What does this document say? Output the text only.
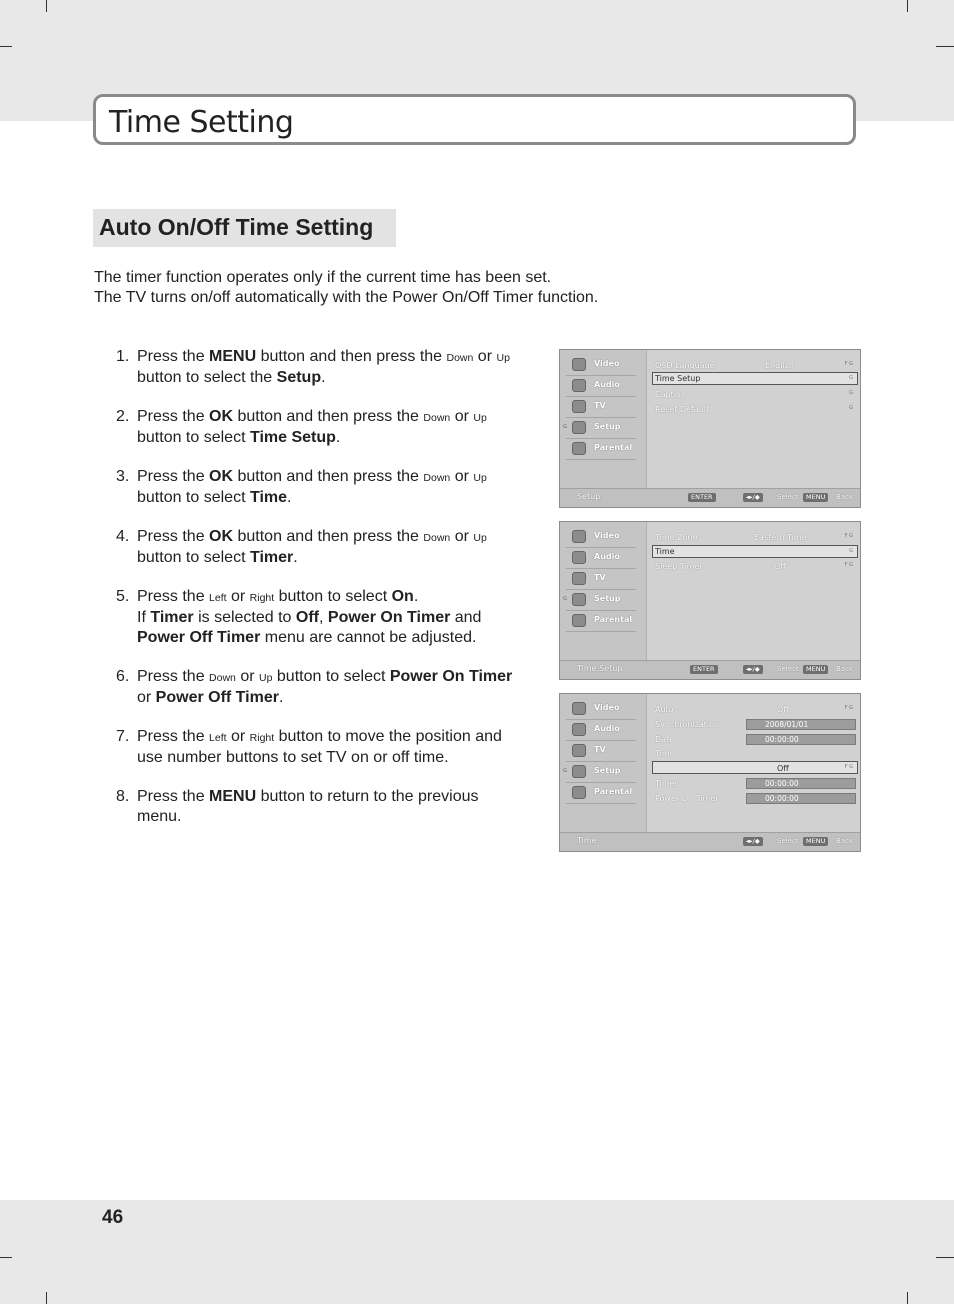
Time Setting
Auto On/Off Time Setting
The timer function operates only if the current time has been set.
The TV turns on/off automatically with the Power On/Off Timer function.
1. Press the MENU button and then press the Down or Up button to select the Setup.
2. Press the OK button and then press the Down or Up button to select Time Setup.
3. Press the OK button and then press the Down or Up button to select Time.
4. Press the OK button and then press the Down or Up button to select Timer.
5. Press the Left or Right button to select On.
If Timer is selected to Off, Power On Timer and Power Off Timer menu are cannot be adjusted.
6. Press the Down or Up button to select Power On Timer or Power Off Timer.
7. Press the Left or Right button to move the position and use number buttons to set TV on or off time.
8. Press the MENU button to return to the previous menu.
Video
Audio
TV
G	Setup
Parental
OSD Language	English	F G
Time Setup	G
Caption	G
Reset Default	G
Setup	ENTER	◂▸/◆	Select	MENU	Back
Video
Audio
TV
G	Setup
Parental
Time Zone	Eastern Time	F G
Time	G
Sleep Timer	Off	F G
Time Setup	ENTER	◂▸/◆	Select	MENU	Back
Video
Audio
TV
G	Setup
Parental
Auto	Off	F G
Synchronization	2008/01/01
Date	00:00:00
Time
Off	F G
Timer	00:00:00
Power On Timer	00:00:00
Time	◂▸/◆	Select	MENU	Back
46
